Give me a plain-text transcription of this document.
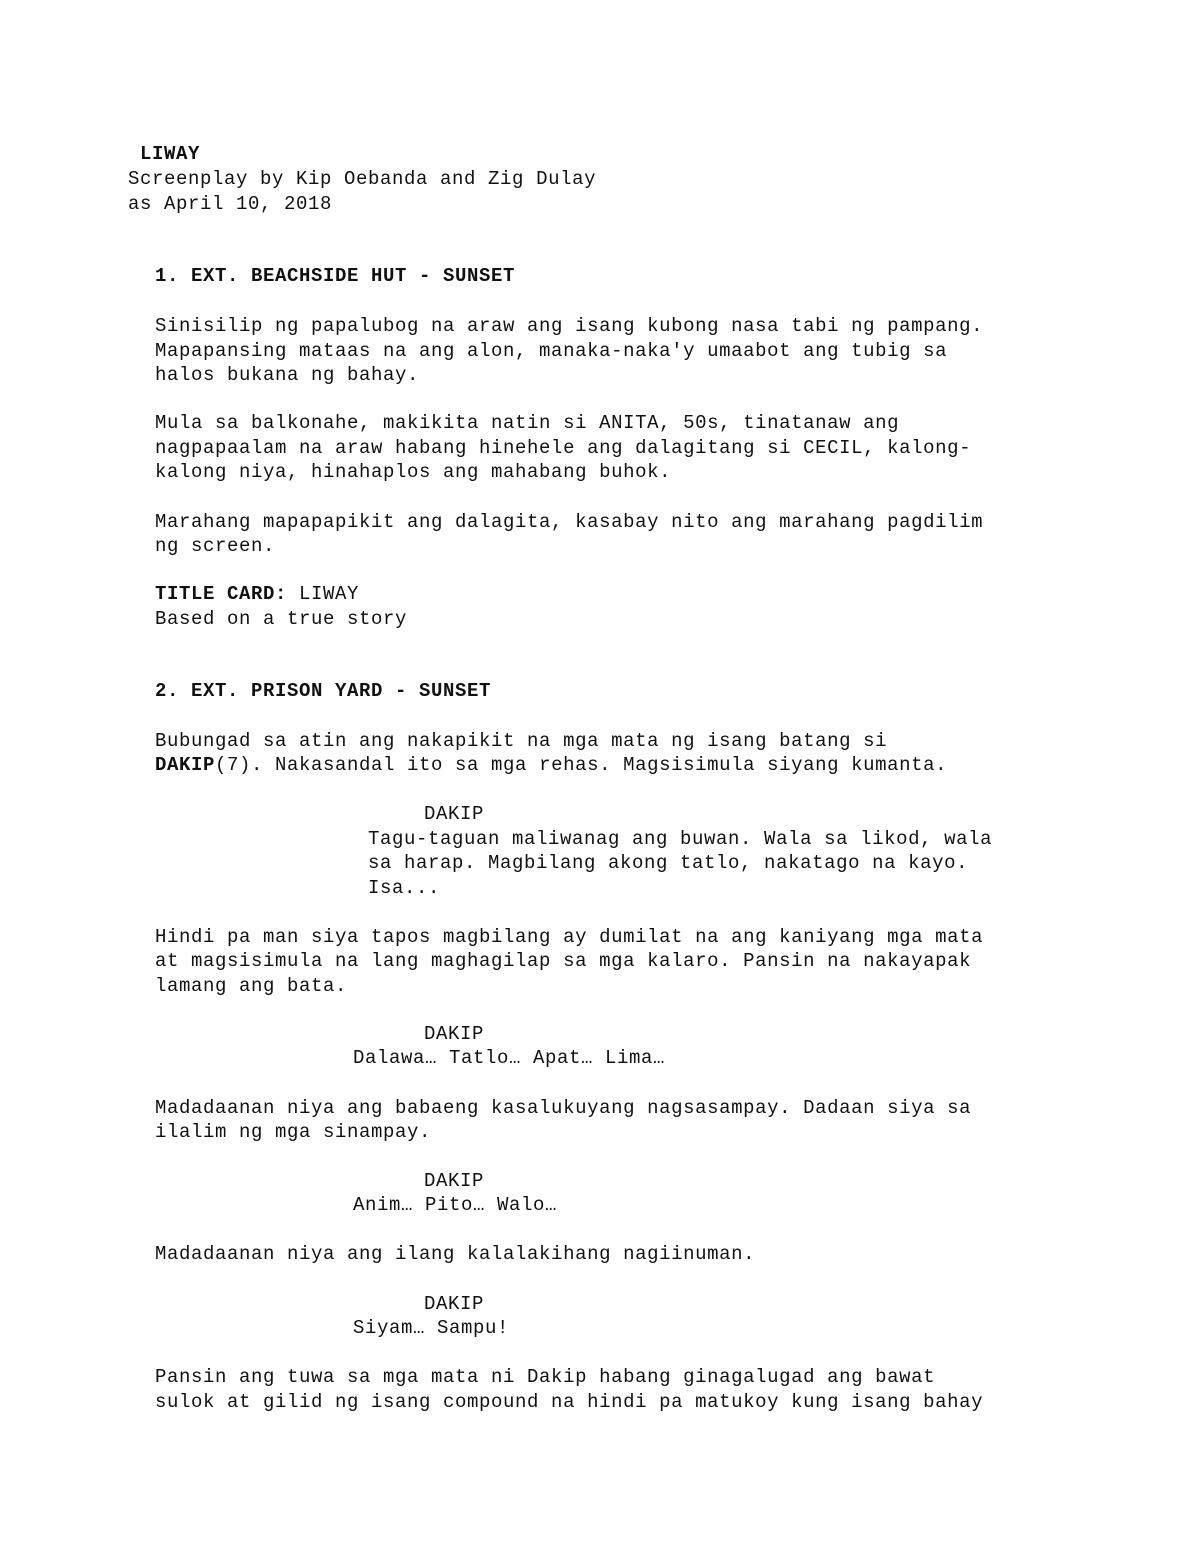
LIWAY

Screenplay by Kip Oebanda and Zig Dulay

as April 10, 2018

1. EXT. BEACHSIDE HUT - SUNSET

Sinisilip ng papalubog na araw ang isang kubong nasa tabi ng pampang.

Mapapansing mataas na ang alon, manaka-naka'y umaabot ang tubig sa

halos bukana ng bahay.

Mula sa balkonahe, makikita natin si ANITA, 50s, tinatanaw ang

nagpapaalam na araw habang hinehele ang dalagitang si CECIL, kalong-

kalong niya, hinahaplos ang mahabang buhok.

Marahang mapapapikit ang dalagita, kasabay nito ang marahang pagdilim

ng screen.

TITLE CARD: LIWAY

Based on a true story

2. EXT. PRISON YARD - SUNSET

Bubungad sa atin ang nakapikit na mga mata ng isang batang si

DAKIP(7). Nakasandal ito sa mga rehas. Magsisimula siyang kumanta.

DAKIP

Tagu-taguan maliwanag ang buwan. Wala sa likod, wala

sa harap. Magbilang akong tatlo, nakatago na kayo.

Isa...

Hindi pa man siya tapos magbilang ay dumilat na ang kaniyang mga mata

at magsisimula na lang maghagilap sa mga kalaro. Pansin na nakayapak

lamang ang bata.

DAKIP

Dalawa… Tatlo… Apat… Lima…

Madadaanan niya ang babaeng kasalukuyang nagsasampay. Dadaan siya sa

ilalim ng mga sinampay.

DAKIP

Anim… Pito… Walo…

Madadaanan niya ang ilang kalalakihang nagiinuman.

DAKIP

Siyam… Sampu!

Pansin ang tuwa sa mga mata ni Dakip habang ginagalugad ang bawat

sulok at gilid ng isang compound na hindi pa matukoy kung isang bahay
